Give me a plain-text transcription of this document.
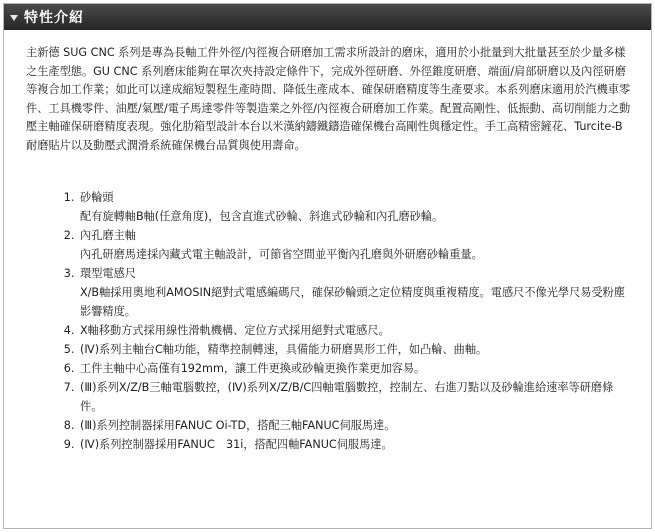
特性介紹

主新德 SUG CNC 系列是專為長軸工件外徑/內徑複合研磨加工需求所設計的磨床，適用於小批量到大批量甚至於少量多樣之生產型態。GU CNC 系列磨床能夠在單次夾持設定條件下，完成外徑研磨、外徑錐度研磨、端面/肩部研磨以及內徑研磨等複合加工作業；如此可以達成縮短製程生產時間、降低生產成本、確保研磨精度等生產要求。本系列磨床適用於汽機車零件、工具機零件、油壓/氣壓/電子馬達零件等製造業之外徑/內徑複合研磨加工作業。配置高剛性、低振動、高切削能力之動壓主軸確保研磨精度表現。強化肋箱型設計本台以米漢納鑄鐵鑄造確保機台高剛性與穩定性。手工高精密鏟花、Turcite-B 耐磨貼片以及動壓式潤滑系統確保機台品質與使用壽命。

1. 砂輪頭
配有旋轉軸B軸(任意角度)，包含直進式砂輪、斜進式砂輪和內孔磨砂輪。
2. 內孔磨主軸
內孔研磨馬達採內藏式電主軸設計，可節省空間並平衡內孔磨與外研磨砂輪重量。
3. 環型電感尺
X/B軸採用奧地利AMOSIN絕對式電感編碼尺，確保砂輪頭之定位精度與重複精度。電感尺不像光學尺易受粉塵影響精度。
4. X軸移動方式採用線性滑軌機構、定位方式採用絕對式電感尺。
5. (Ⅳ)系列主軸台C軸功能，精準控制轉速，具備能力研磨異形工件，如凸輪、曲軸。
6. 工件主軸中心高僅有192mm，讓工件更換或砂輪更換作業更加容易。
7. (Ⅲ)系列X/Z/B三軸電腦數控，(Ⅳ)系列X/Z/B/C四軸電腦數控，控制左、右進刀點以及砂輪進給速率等研磨條件。
8. (Ⅲ)系列控制器採用FANUC Oi-TD，搭配三軸FANUC伺服馬達。
9. (Ⅳ)系列控制器採用FANUC　31i，搭配四軸FANUC伺服馬達。
